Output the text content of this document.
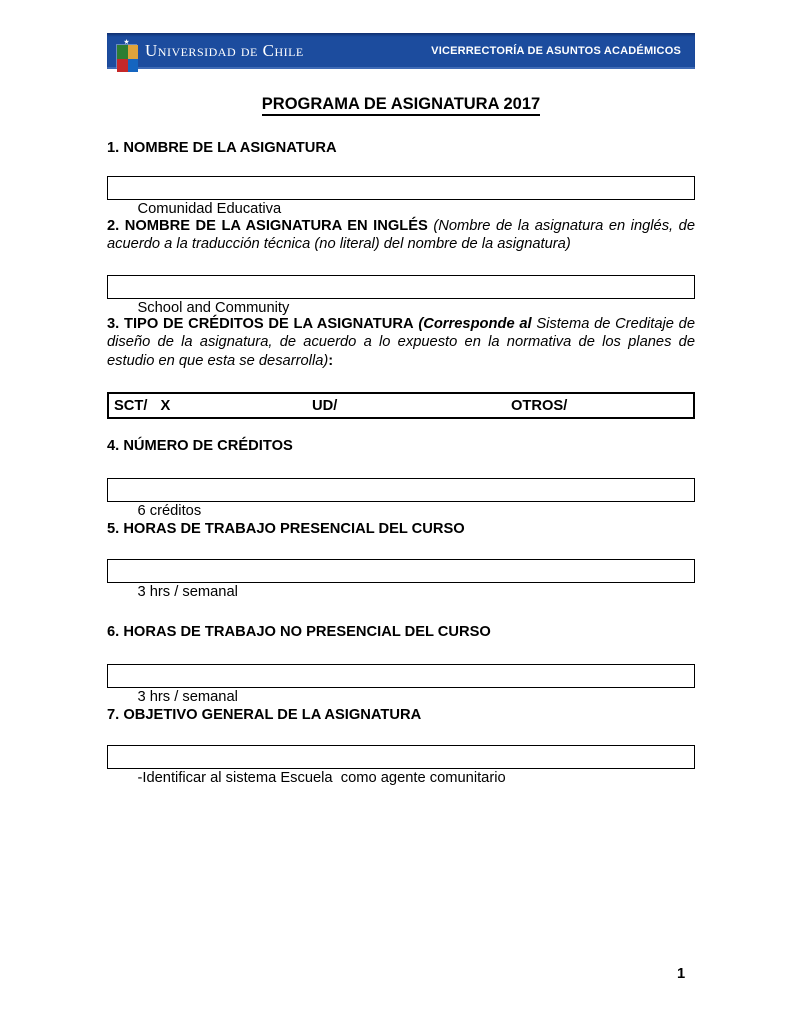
★
Universidad de Chile	VICERRECTORÍA DE ASUNTOS ACADÉMICOS
PROGRAMA DE ASIGNATURA 2017
1. NOMBRE DE LA ASIGNATURA

Comunidad Educativa

2. NOMBRE DE LA ASIGNATURA EN INGLÉS (Nombre de la asignatura en inglés, de acuerdo a la traducción técnica (no literal) del nombre de la asignatura)

School and Community

3. TIPO DE CRÉDITOS DE LA ASIGNATURA (Corresponde al Sistema de Creditaje de diseño de la asignatura, de acuerdo a lo expuesto en la normativa de los planes de estudio en que esta se desarrolla):
SCT/ X	UD/	OTROS/
4. NÚMERO DE CRÉDITOS

6 créditos

5. HORAS DE TRABAJO PRESENCIAL DEL CURSO

3 hrs / semanal

6. HORAS DE TRABAJO NO PRESENCIAL DEL CURSO

3 hrs / semanal

7. OBJETIVO GENERAL DE LA ASIGNATURA

-Identificar al sistema Escuela  como agente comunitario

1
